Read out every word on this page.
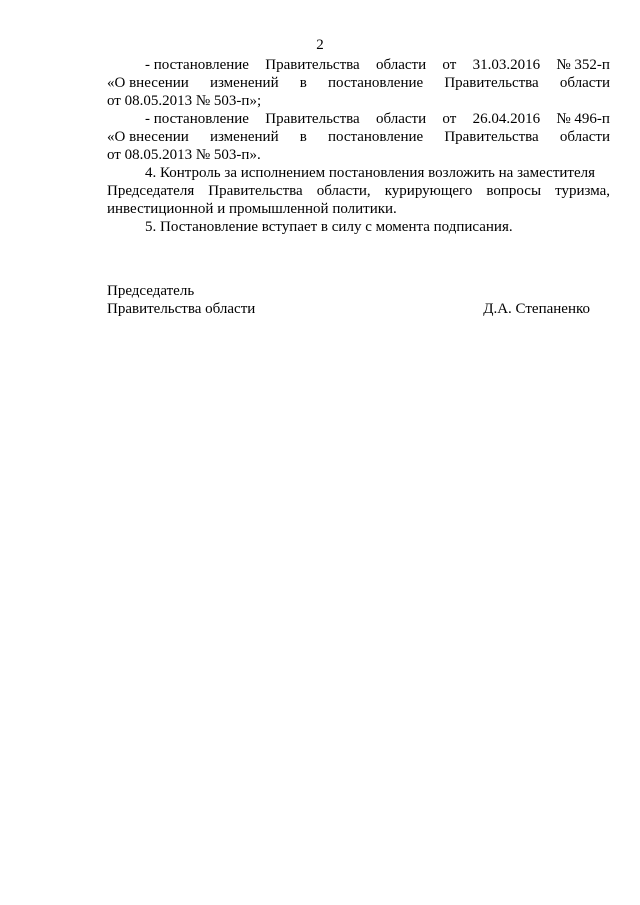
2
- постановление Правительства области от 31.03.2016 № 352-п
«О внесении изменений в постановление Правительства области
от 08.05.2013 № 503-п»;
- постановление Правительства области от 26.04.2016 № 496-п
«О внесении изменений в постановление Правительства области
от 08.05.2013 № 503-п».
4. Контроль за исполнением постановления возложить на заместителя
Председателя Правительства области, курирующего вопросы туризма,
инвестиционной и промышленной политики.
5. Постановление вступает в силу с момента подписания.
Председатель
Правительства области	Д.А. Степаненко
